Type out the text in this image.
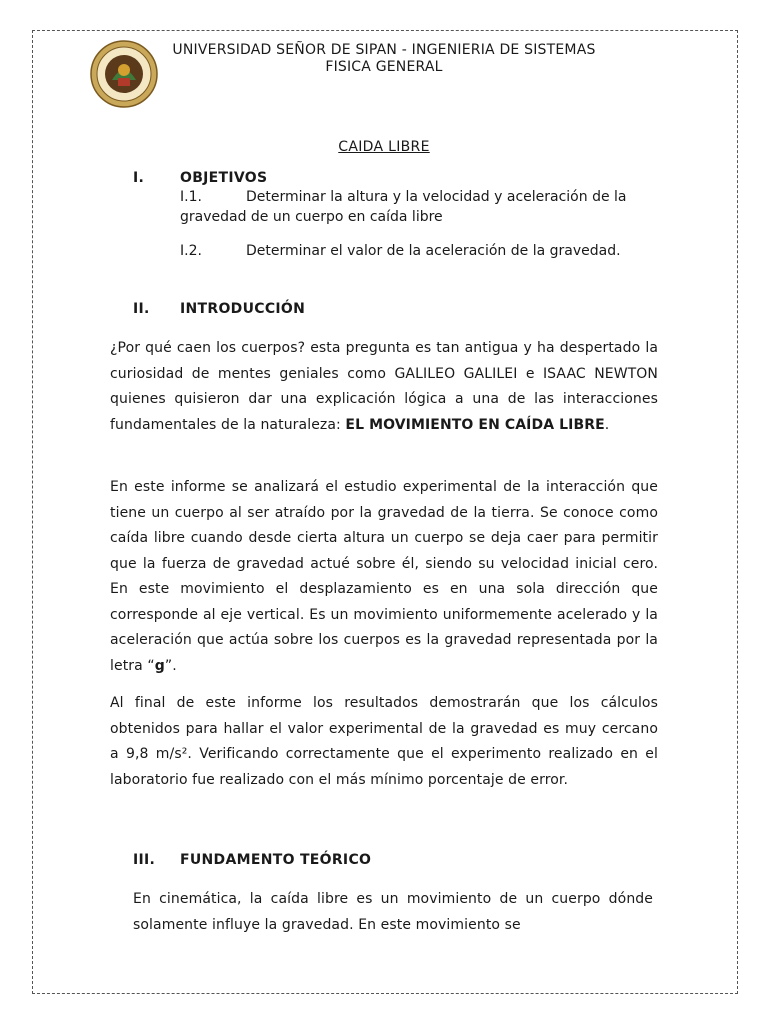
UNIVERSIDAD SEÑOR DE SIPAN - INGENIERIA DE SISTEMAS
FISICA GENERAL
CAIDA LIBRE
I.	OBJETIVOS
I.1.	Determinar la altura y la velocidad y aceleración de la gravedad de un cuerpo en caída libre
I.2.	Determinar el valor de la aceleración de la gravedad.
II. INTRODUCCIÓN
¿Por qué caen los cuerpos? esta pregunta es tan antigua y ha despertado la curiosidad de mentes geniales como GALILEO GALILEI e ISAAC NEWTON quienes quisieron dar una explicación lógica a una de las interacciones fundamentales de la naturaleza: EL MOVIMIENTO EN CAÍDA LIBRE.
En este informe se analizará el estudio experimental de la interacción que tiene un cuerpo al ser atraído por la gravedad de la tierra. Se conoce como caída libre cuando desde cierta altura un cuerpo se deja caer para permitir que la fuerza de gravedad actué sobre él, siendo su velocidad inicial cero. En este movimiento el desplazamiento es en una sola dirección que corresponde al eje vertical. Es un movimiento uniformemente acelerado y la aceleración que actúa sobre los cuerpos es la gravedad representada por la letra “g”.
Al final de este informe los resultados demostrarán que los cálculos obtenidos para hallar el valor experimental de la gravedad es muy cercano a 9,8 m/s². Verificando correctamente que el experimento realizado en el laboratorio fue realizado con el más mínimo porcentaje de error.
III. FUNDAMENTO TEÓRICO
En cinemática, la caída libre es un movimiento de un cuerpo dónde solamente influye la gravedad. En este movimiento se
